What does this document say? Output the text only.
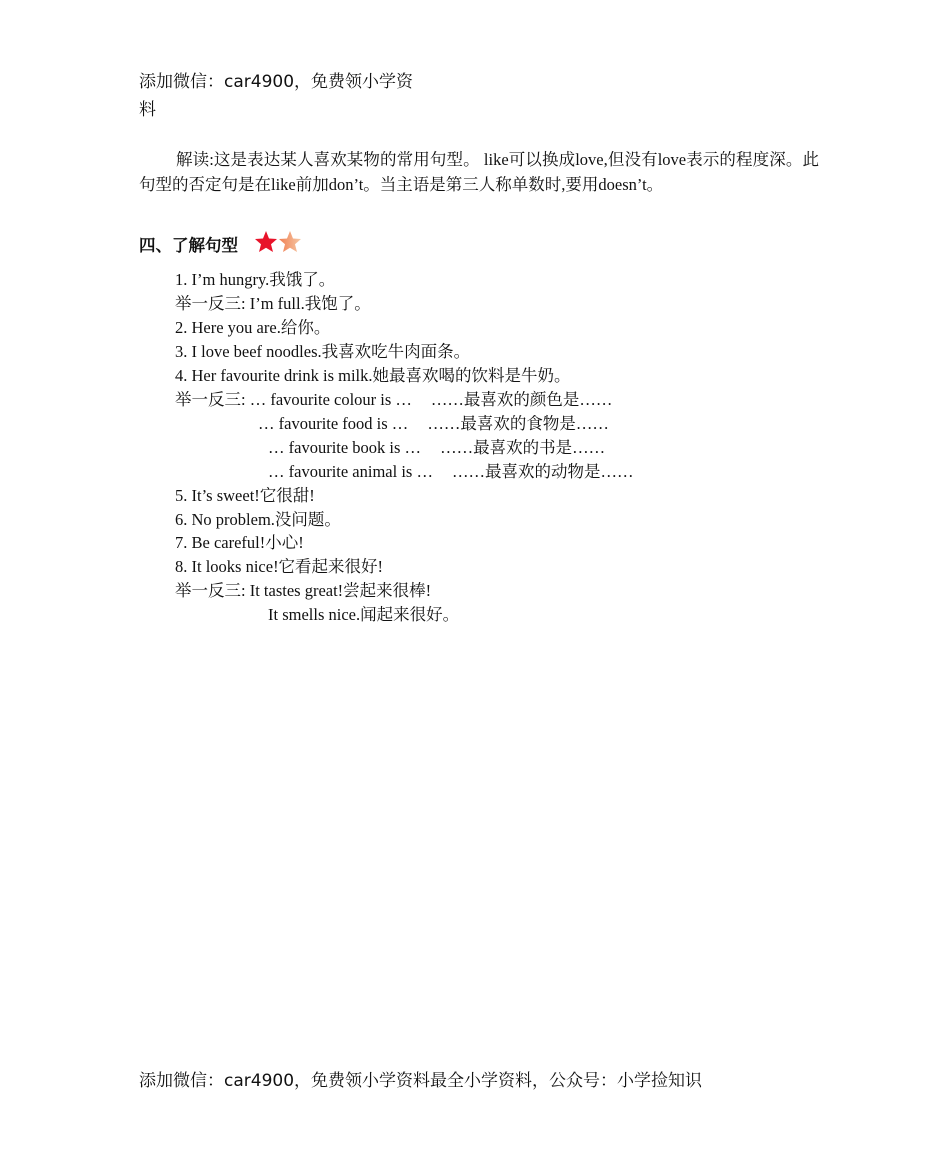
添加微信：car4900，免费领小学资
料
解读:这是表达某人喜欢某物的常用句型。 like可以换成love,但没有love表示的程度深。此句型的否定句是在like前加don’t。当主语是第三人称单数时,要用doesn’t。
四、了解句型
1. I’m hungry.我饿了。
举一反三: I’m full.我饱了。
2. Here you are.给你。
3. I love beef noodles.我喜欢吃牛肉面条。
4. Her favourite drink is milk.她最喜欢喝的饮料是牛奶。
举一反三: … favourite colour is … ……最喜欢的颜色是……
… favourite food is … ……最喜欢的食物是……
… favourite book is … ……最喜欢的书是……
… favourite animal is … ……最喜欢的动物是……
5. It’s sweet!它很甜!
6. No problem.没问题。
7. Be careful!小心!
8. It looks nice!它看起来很好!
举一反三: It tastes great!尝起来很棒!
It smells nice.闻起来很好。
添加微信：car4900，免费领小学资料最全小学资料，公众号：小学捡知识
